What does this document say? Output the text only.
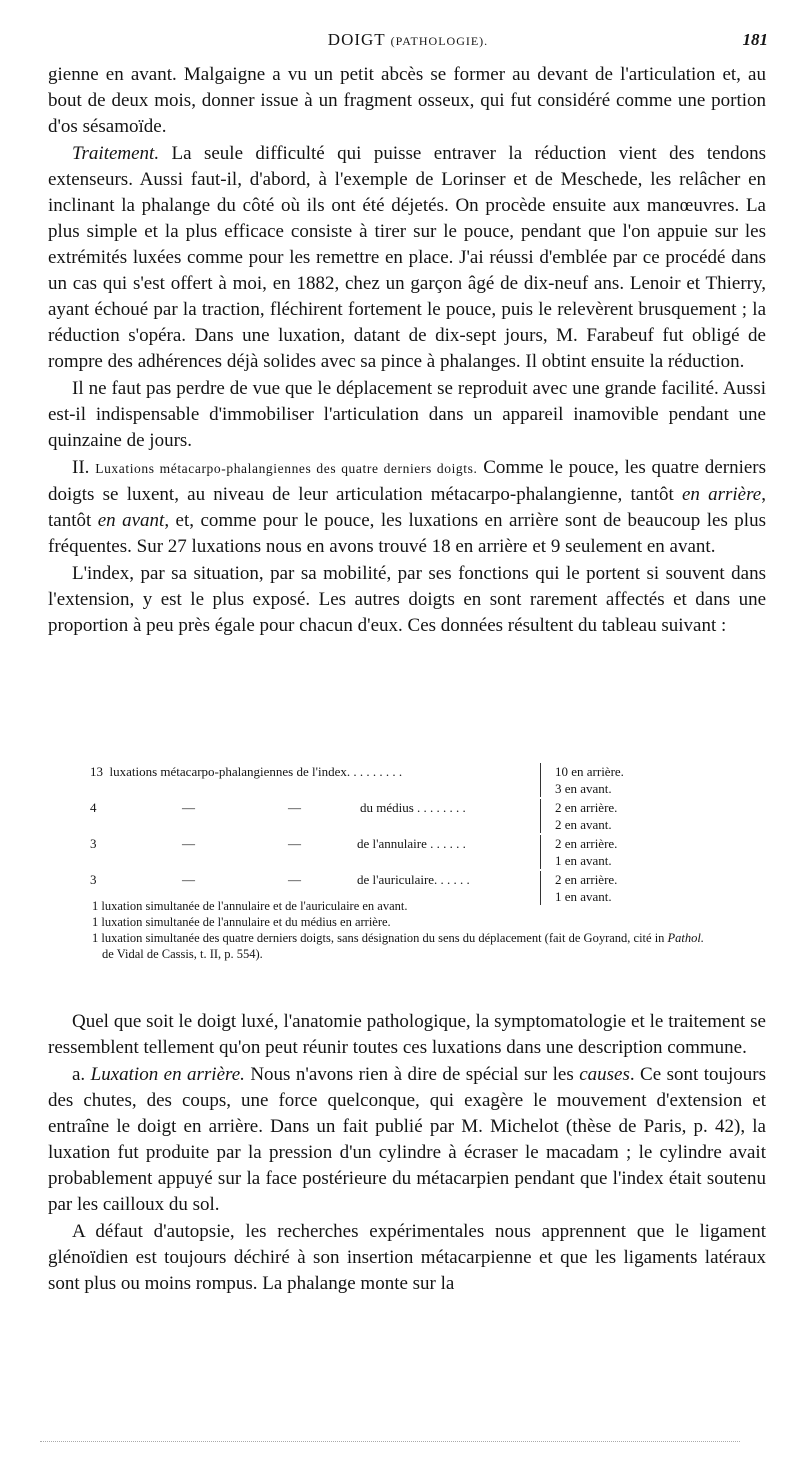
DOIGT (PATHOLOGIE).	181

gienne en avant. Malgaigne a vu un petit abcès se former au devant de l'articulation et, au bout de deux mois, donner issue à un fragment osseux, qui fut considéré comme une portion d'os sésamoïde.

Traitement. La seule difficulté qui puisse entraver la réduction vient des tendons extenseurs. Aussi faut-il, d'abord, à l'exemple de Lorinser et de Meschede, les relâcher en inclinant la phalange du côté où ils ont été déjetés. On procède ensuite aux manœuvres. La plus simple et la plus efficace consiste à tirer sur le pouce, pendant que l'on appuie sur les extrémités luxées comme pour les remettre en place. J'ai réussi d'emblée par ce procédé dans un cas qui s'est offert à moi, en 1882, chez un garçon âgé de dix-neuf ans. Lenoir et Thierry, ayant échoué par la traction, fléchirent fortement le pouce, puis le relevèrent brusquement ; la réduction s'opéra. Dans une luxation, datant de dix-sept jours, M. Farabeuf fut obligé de rompre des adhérences déjà solides avec sa pince à phalanges. Il obtint ensuite la réduction.

Il ne faut pas perdre de vue que le déplacement se reproduit avec une grande facilité. Aussi est-il indispensable d'immobiliser l'articulation dans un appareil inamovible pendant une quinzaine de jours.

II. Luxations métacarpo-phalangiennes des quatre derniers doigts. Comme le pouce, les quatre derniers doigts se luxent, au niveau de leur articulation métacarpo-phalangienne, tantôt en arrière, tantôt en avant, et, comme pour le pouce, les luxations en arrière sont de beaucoup les plus fréquentes. Sur 27 luxations nous en avons trouvé 18 en arrière et 9 seulement en avant.

L'index, par sa situation, par sa mobilité, par ses fonctions qui le portent si souvent dans l'extension, y est le plus exposé. Les autres doigts en sont rarement affectés et dans une proportion à peu près égale pour chacun d'eux. Ces données résultent du tableau suivant :

13 luxations métacarpo-phalangiennes de l'index. . . . . . . . .	10 en arrière.
3 en avant.
4	—	—	du médius . . . . . . . .	2 en arrière.
2 en avant.
3	—	—	de l'annulaire . . . . . .	2 en arrière.
1 en avant.
3	—	—	de l'auriculaire. . . . . .	2 en arrière.
1 en avant.

1 luxation simultanée de l'annulaire et de l'auriculaire en avant.

1 luxation simultanée de l'annulaire et du médius en arrière.

1 luxation simultanée des quatre derniers doigts, sans désignation du sens du déplacement (fait de Goyrand, cité in Pathol. de Vidal de Cassis, t. II, p. 554).

Quel que soit le doigt luxé, l'anatomie pathologique, la symptomatologie et le traitement se ressemblent tellement qu'on peut réunir toutes ces luxations dans une description commune.

a. Luxation en arrière. Nous n'avons rien à dire de spécial sur les causes. Ce sont toujours des chutes, des coups, une force quelconque, qui exagère le mouvement d'extension et entraîne le doigt en arrière. Dans un fait publié par M. Michelot (thèse de Paris, p. 42), la luxation fut produite par la pression d'un cylindre à écraser le macadam ; le cylindre avait probablement appuyé sur la face postérieure du métacarpien pendant que l'index était soutenu par les cailloux du sol.

A défaut d'autopsie, les recherches expérimentales nous apprennent que le ligament glénoïdien est toujours déchiré à son insertion métacarpienne et que les ligaments latéraux sont plus ou moins rompus. La phalange monte sur la
